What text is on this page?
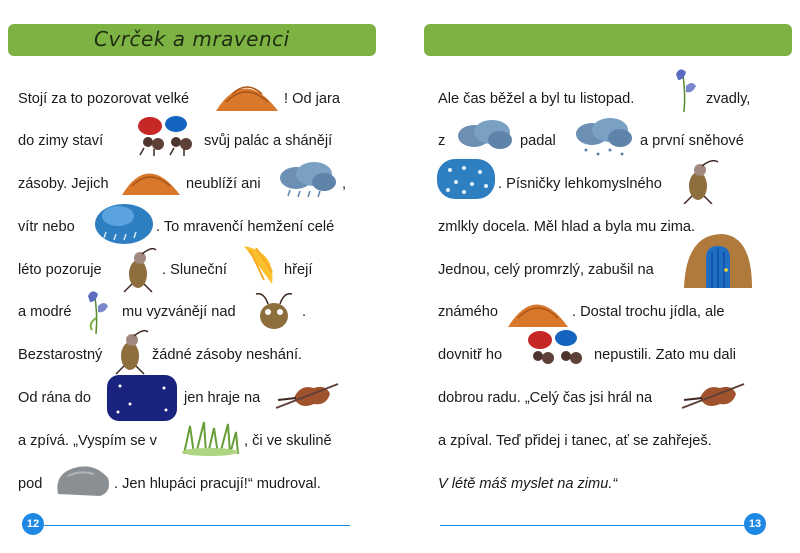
Cvrček a mravenci
Stojí za to pozorovat velké	! Od jara
do zimy staví	svůj palác a shánějí
zásoby. Jejich	neublíží ani	,
vítr nebo	. To mravenčí hemžení celé
léto pozoruje	. Sluneční	hřejí
a modré	mu vyzvánějí nad	.
Bezstarostný	žádné zásoby neshání.
Od rána do	jen hraje na
a zpívá. „Vyspím se v	, či ve skulině
pod	. Jen hlupáci pracují!“ mudroval.
12
Ale čas běžel a byl tu listopad.	zvadly,
z	padal	a první sněhové
. Písničky lehkomyslného
zmlkly docela. Měl hlad a byla mu zima.
Jednou, celý promrzlý, zabušil na
známého	. Dostal trochu jídla, ale
dovnitř ho	nepustili. Zato mu dali
dobrou radu. „Celý čas jsi hrál na
a zpíval. Teď přidej i tanec, ať se zahřeješ.
V létě máš myslet na zimu.“
13
